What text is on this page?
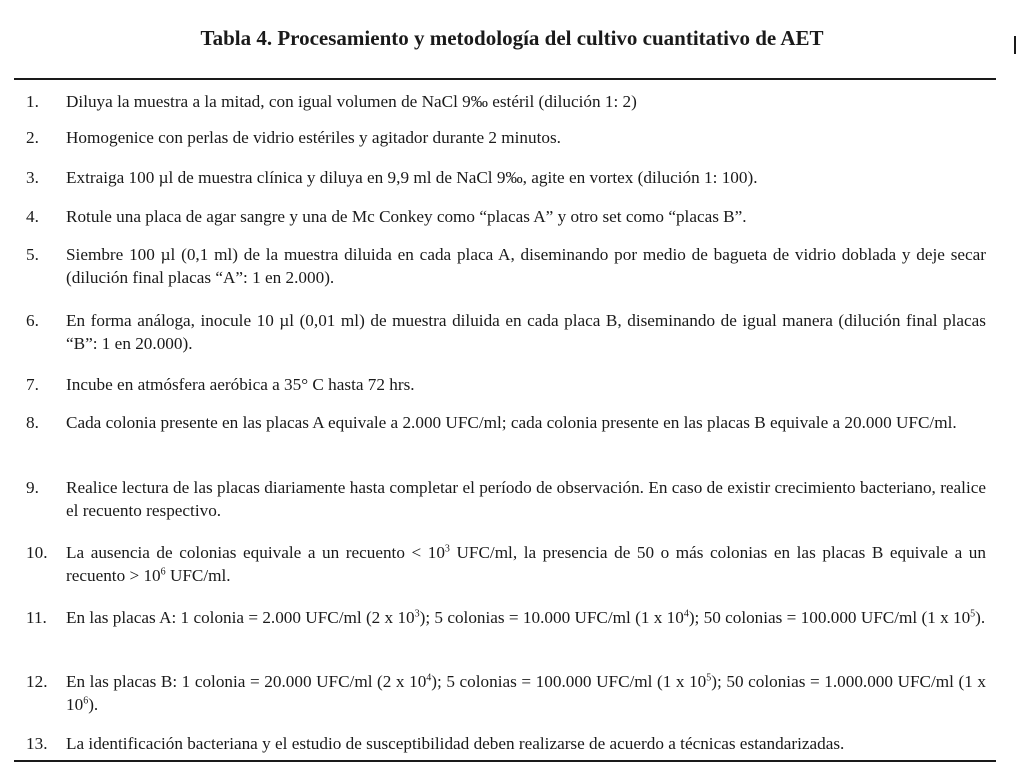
Tabla 4. Procesamiento y metodología del cultivo cuantitativo de AET
1.	Diluya la muestra a la mitad, con igual volumen de NaCl 9‰ estéril (dilución 1: 2)
2.	Homogenice con perlas de vidrio estériles y agitador durante 2 minutos.
3.	Extraiga 100 µl de muestra clínica y diluya en 9,9 ml de NaCl 9‰, agite en vortex (dilución 1: 100).
4.	Rotule una placa de agar sangre y una de Mc Conkey como “placas A” y otro set como “placas B”.
5.	Siembre 100 µl (0,1 ml) de la muestra diluida en cada placa A, diseminando por medio de bagueta de vidrio doblada y deje secar (dilución final placas “A”: 1 en 2.000).
6.	En forma análoga, inocule 10 µl (0,01 ml) de muestra diluida en cada placa B, diseminando de igual manera (dilución final placas “B”: 1 en 20.000).
7.	Incube en atmósfera aeróbica a 35° C hasta 72 hrs.
8.	Cada colonia presente en las placas A equivale a 2.000 UFC/ml; cada colonia presente en las placas B equivale a 20.000 UFC/ml.
9.	Realice lectura de las placas diariamente hasta completar el período de observación. En caso de existir crecimiento bacteriano, realice el recuento respectivo.
10.	La ausencia de colonias equivale a un recuento < $10^3$ UFC/ml, la presencia de 50 o más colonias en las placas B equivale a un recuento > $10^6$ UFC/ml.
11.	En las placas A: 1 colonia = 2.000 UFC/ml (2 x $10^3$); 5 colonias = 10.000 UFC/ml (1 x $10^4$); 50 colonias = 100.000 UFC/ml (1 x $10^5$).
12.	En las placas B: 1 colonia = 20.000 UFC/ml (2 x $10^4$); 5 colonias = 100.000 UFC/ml (1 x $10^5$); 50 colonias = 1.000.000 UFC/ml (1 x $10^6$).
13.	La identificación bacteriana y el estudio de susceptibilidad deben realizarse de acuerdo a técnicas estandarizadas.
